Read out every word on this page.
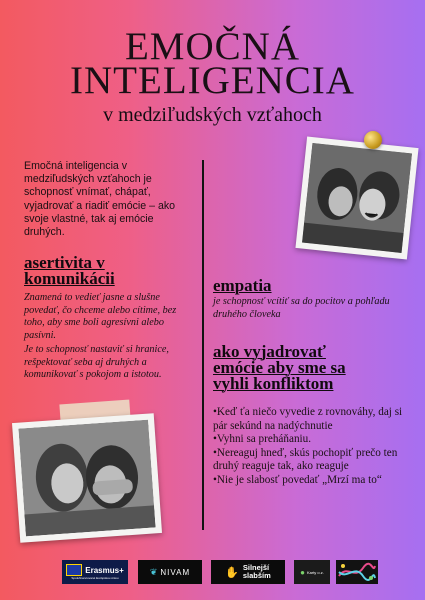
EMOČNÁ
INTELIGENCIA
v medziľudských vzťahoch
Emočná inteligencia v medziľudských vzťahoch je schopnosť vnímať, chápať, vyjadrovať a riadiť emócie – ako svoje vlastné, tak aj emócie druhých.
asertivita v
komunikácii
Znamená to vedieť jasne a slušne povedať, čo chceme alebo cítime, bez toho, aby sme boli agresívni alebo pasívni.
Je to schopnosť nastaviť si hranice, rešpektovať seba aj druhých a komunikovať s pokojom a istotou.
empatia
je schopnosť vcítiť sa do pocitov a pohľadu druhého človeka
ako vyjadrovať
emócie aby sme sa
vyhli konfliktom
•Keď ťa niečo vyvedie z rovnováhy, daj si pár sekúnd na nadýchnutie
•Vyhni sa preháňaniu.
•Nereaguj hneď, skús pochopiť prečo ten druhý reaguje tak, ako reaguje
•Nie je slabosť povedať „Mrzí ma to“
Erasmus+
Spolufinancované Európskou úniou
❦ NIVAM	✋ Silnejší
slabším	● Karty o.z.
